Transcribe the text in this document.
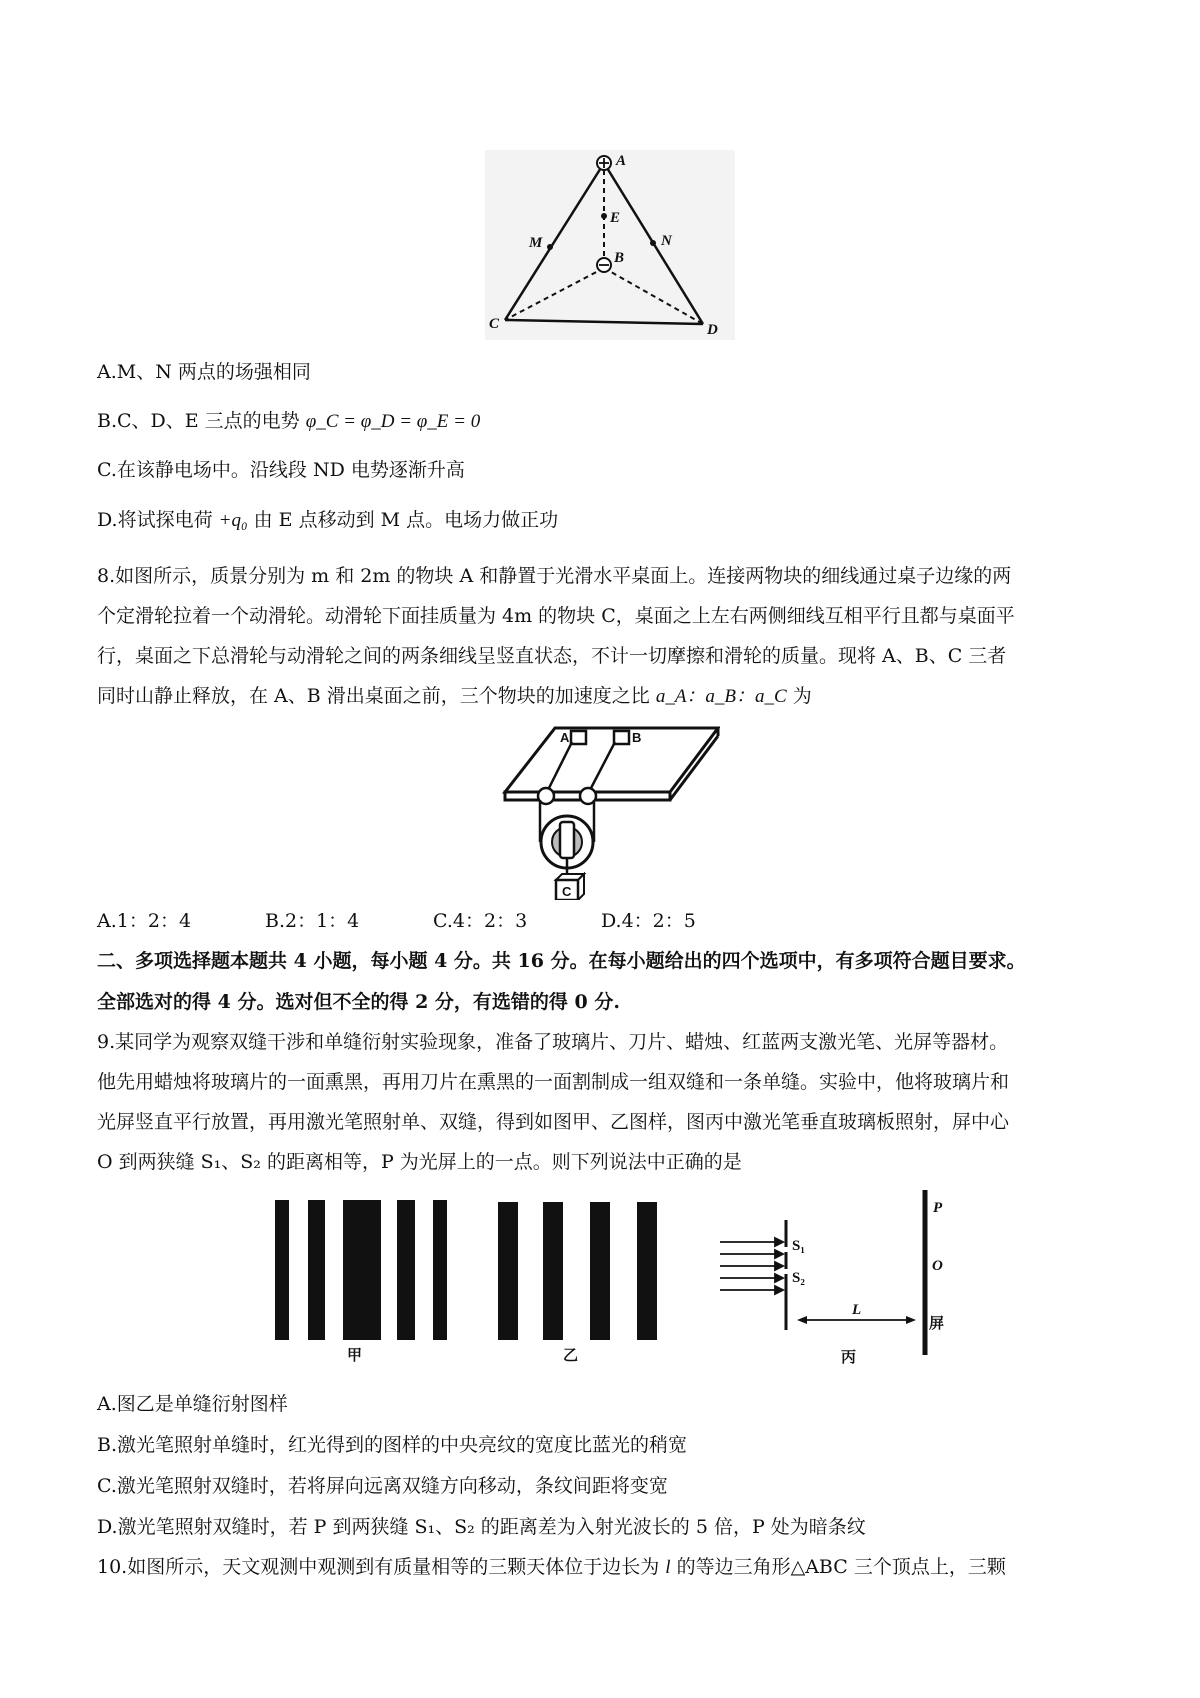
A
B
C	D
E
M	N
A.M、N 两点的场强相同
B.C、D、E 三点的电势 φ_C = φ_D = φ_E = 0
C.在该静电场中。沿线段 ND 电势逐渐升高
D.将试探电荷 +q₀ 由 E 点移动到 M 点。电场力做正功
8.如图所示，质景分别为 m 和 2m 的物块 A 和静置于光滑水平桌面上。连接两物块的细线通过桌子边缘的两
个定滑轮拉着一个动滑轮。动滑轮下面挂质量为 4m 的物块 C，桌面之上左右两侧细线互相平行且都与桌面平
行，桌面之下总滑轮与动滑轮之间的两条细线呈竖直状态，不计一切摩擦和滑轮的质量。现将 A、B、C 三者
同时山静止释放，在 A、B 滑出桌面之前，三个物块的加速度之比 a_A：a_B：a_C 为
A	B
C
A.1：2：4	B.2：1：4	C.4：2：3	D.4：2：5
二、多项选择题本题共 4 小题，每小题 4 分。共 16 分。在每小题给出的四个选项中，有多项符合题目要求。
全部选对的得 4 分。选对但不全的得 2 分，有选错的得 0 分.
9.某同学为观察双缝干涉和单缝衍射实验现象，准备了玻璃片、刀片、蜡烛、红蓝两支激光笔、光屏等器材。
他先用蜡烛将玻璃片的一面熏黑，再用刀片在熏黑的一面割制成一组双缝和一条单缝。实验中，他将玻璃片和
光屏竖直平行放置，再用激光笔照射单、双缝，得到如图甲、乙图样，图丙中激光笔垂直玻璃板照射，屏中心
O 到两狭缝 S₁、S₂ 的距离相等，P 为光屏上的一点。则下列说法中正确的是
S₁
S₂
P
O
L
屏
甲	乙	丙
A.图乙是单缝衍射图样
B.激光笔照射单缝时，红光得到的图样的中央亮纹的宽度比蓝光的稍宽
C.激光笔照射双缝时，若将屏向远离双缝方向移动，条纹间距将变宽
D.激光笔照射双缝时，若 P 到两狭缝 S₁、S₂ 的距离差为入射光波长的 5 倍，P 处为暗条纹
10.如图所示，天文观测中观测到有质量相等的三颗天体位于边长为 l 的等边三角形△ABC 三个顶点上，三颗
